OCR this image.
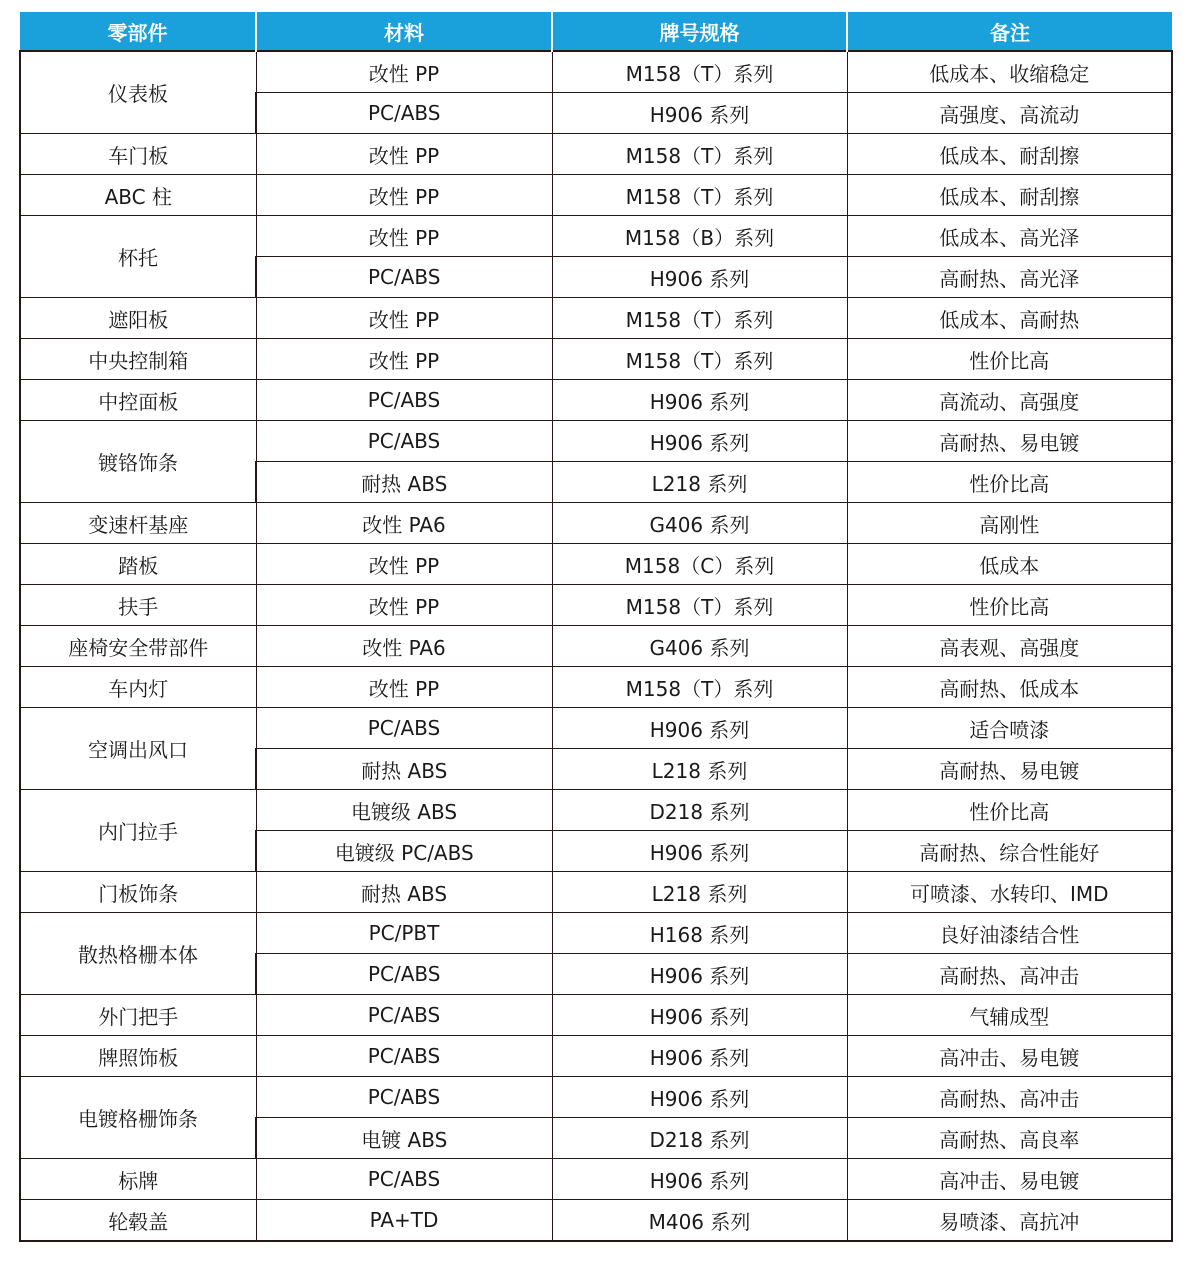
零部件	材料	牌号规格	备注
仪表板	改性 PP	M158（T）系列	低成本、收缩稳定
	PC/ABS	H906 系列	高强度、高流动
车门板	改性 PP	M158（T）系列	低成本、耐刮擦
ABC 柱	改性 PP	M158（T）系列	低成本、耐刮擦
杯托	改性 PP	M158（B）系列	低成本、高光泽
	PC/ABS	H906 系列	高耐热、高光泽
遮阳板	改性 PP	M158（T）系列	低成本、高耐热
中央控制箱	改性 PP	M158（T）系列	性价比高
中控面板	PC/ABS	H906 系列	高流动、高强度
镀铬饰条	PC/ABS	H906 系列	高耐热、易电镀
	耐热 ABS	L218 系列	性价比高
变速杆基座	改性 PA6	G406 系列	高刚性
踏板	改性 PP	M158（C）系列	低成本
扶手	改性 PP	M158（T）系列	性价比高
座椅安全带部件	改性 PA6	G406 系列	高表观、高强度
车内灯	改性 PP	M158（T）系列	高耐热、低成本
空调出风口	PC/ABS	H906 系列	适合喷漆
	耐热 ABS	L218 系列	高耐热、易电镀
内门拉手	电镀级 ABS	D218 系列	性价比高
	电镀级 PC/ABS	H906 系列	高耐热、综合性能好
门板饰条	耐热 ABS	L218 系列	可喷漆、水转印、IMD
散热格栅本体	PC/PBT	H168 系列	良好油漆结合性
	PC/ABS	H906 系列	高耐热、高冲击
外门把手	PC/ABS	H906 系列	气辅成型
牌照饰板	PC/ABS	H906 系列	高冲击、易电镀
电镀格栅饰条	PC/ABS	H906 系列	高耐热、高冲击
	电镀 ABS	D218 系列	高耐热、高良率
标牌	PC/ABS	H906 系列	高冲击、易电镀
轮毂盖	PA+TD	M406 系列	易喷漆、高抗冲
